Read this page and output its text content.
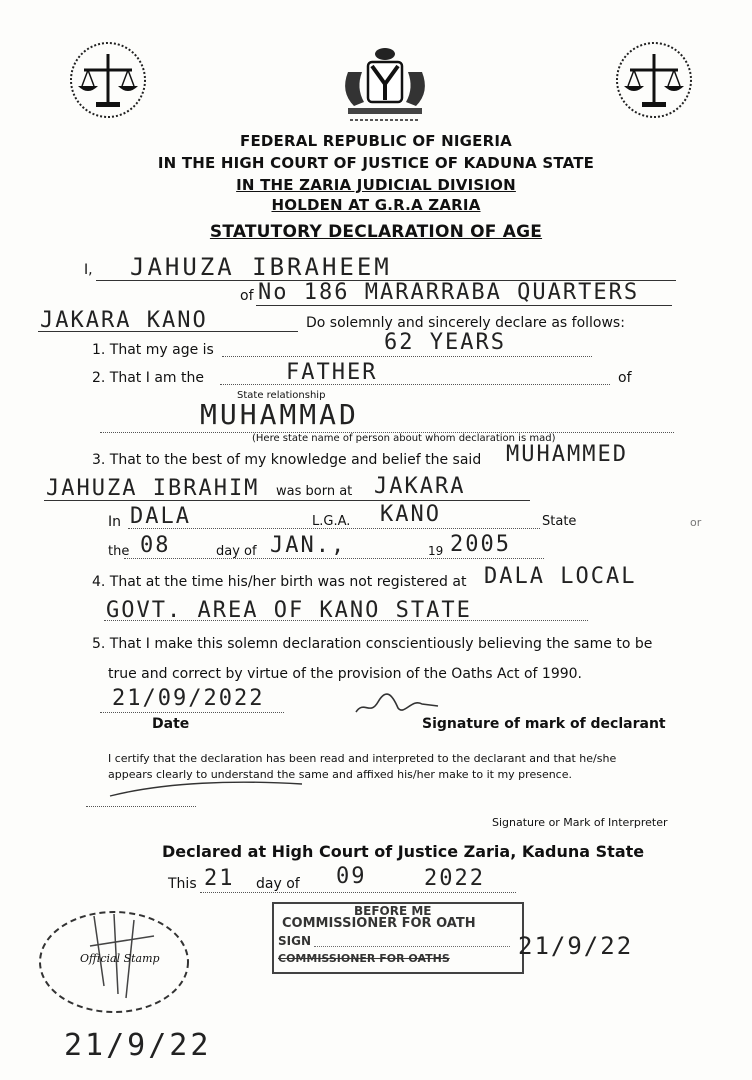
FEDERAL REPUBLIC OF NIGERIA
IN THE HIGH COURT OF JUSTICE OF KADUNA STATE
IN THE ZARIA JUDICIAL DIVISION
HOLDEN AT G.R.A ZARIA
STATUTORY DECLARATION OF AGE
I, JAHUZA IBRAHEEM
of No 186 MARARRABA QUARTERS
JAKARA KANO	Do solemnly and sincerely declare as follows:
1. That my age is	62 YEARS
2. That I am the	FATHER	of
State relationship
MUHAMMAD
(Here state name of person about whom declaration is mad)
3. That to the best of my knowledge and belief the said MUHAMMED
JAHUZA IBRAHIM was born at JAKARA
In DALA	L.G.A. KANO	State	or
the 08	day of JAN.,	19 2005
4. That at the time his/her birth was not registered at DALA LOCAL
GOVT. AREA OF KANO STATE
5. That I make this solemn declaration conscientiously believing the same to be
true and correct by virtue of the provision of the Oaths Act of 1990.
21/09/2022
Date	Signature of mark of declarant
I certify that the declaration has been read and interpreted to the declarant and that he/she
appears clearly to understand the same and affixed his/her make to it my presence.
Signature or Mark of Interpreter
Declared at High Court of Justice Zaria, Kaduna State
This 21 day of 09	2022
BEFORE ME
COMMISSIONER FOR OATH
SIGN
COMMISSIONER FOR OATHS	21/9/22
Official Stamp
21/9/22
